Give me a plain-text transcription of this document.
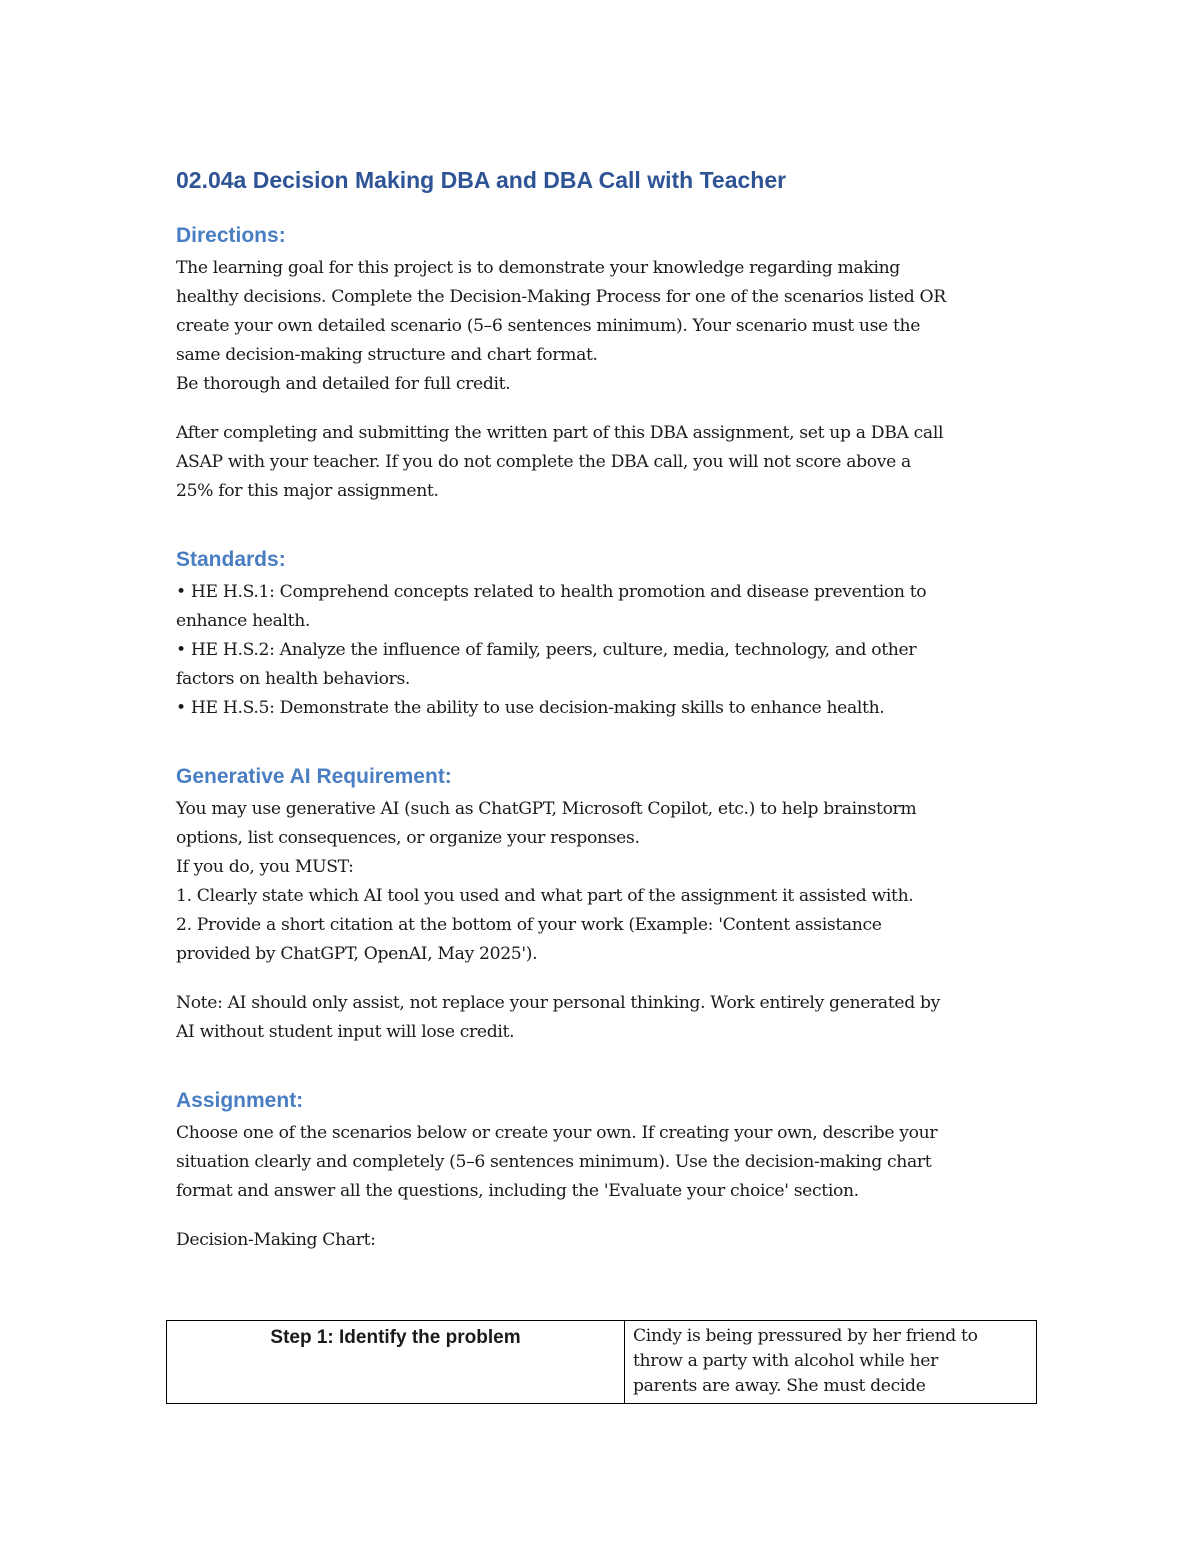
02.04a Decision Making DBA and DBA Call with Teacher
Directions:

The learning goal for this project is to demonstrate your knowledge regarding making

healthy decisions. Complete the Decision-Making Process for one of the scenarios listed OR

create your own detailed scenario (5–6 sentences minimum). Your scenario must use the

same decision-making structure and chart format.

Be thorough and detailed for full credit.

After completing and submitting the written part of this DBA assignment, set up a DBA call

ASAP with your teacher. If you do not complete the DBA call, you will not score above a

25% for this major assignment.

Standards:

• HE H.S.1: Comprehend concepts related to health promotion and disease prevention to

enhance health.

• HE H.S.2: Analyze the influence of family, peers, culture, media, technology, and other

factors on health behaviors.

• HE H.S.5: Demonstrate the ability to use decision-making skills to enhance health.

Generative AI Requirement:

You may use generative AI (such as ChatGPT, Microsoft Copilot, etc.) to help brainstorm

options, list consequences, or organize your responses.

If you do, you MUST:

1. Clearly state which AI tool you used and what part of the assignment it assisted with.

2. Provide a short citation at the bottom of your work (Example: 'Content assistance

provided by ChatGPT, OpenAI, May 2025').

Note: AI should only assist, not replace your personal thinking. Work entirely generated by

AI without student input will lose credit.

Assignment:

Choose one of the scenarios below or create your own. If creating your own, describe your

situation clearly and completely (5–6 sentences minimum). Use the decision-making chart

format and answer all the questions, including the 'Evaluate your choice' section.

Decision-Making Chart:

Step 1: Identify the problem	Cindy is being pressured by her friend to
throw a party with alcohol while her
parents are away. She must decide
